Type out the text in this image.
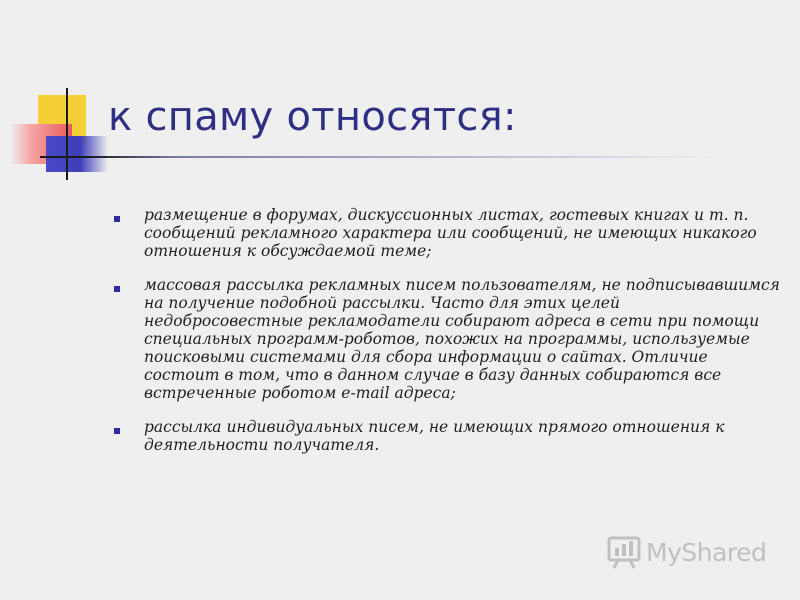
к спаму относятся:
размещение в форумах, дискуссионных листах, гостевых книгах и т. п. сообщений рекламного характера или сообщений, не имеющих никакого отношения к обсуждаемой теме;
массовая рассылка рекламных писем пользователям, не подписывавшимся на получение подобной рассылки. Часто для этих целей недобросовестные рекламодатели собирают адреса в сети при помощи специальных программ-роботов, похожих на программы, используемые поисковыми системами для сбора информации о сайтах. Отличие состоит в том, что в данном случае в базу данных собираются все встреченные роботом e-mail адреса;
рассылка индивидуальных писем, не имеющих прямого отношения к деятельности получателя.
MyShared
